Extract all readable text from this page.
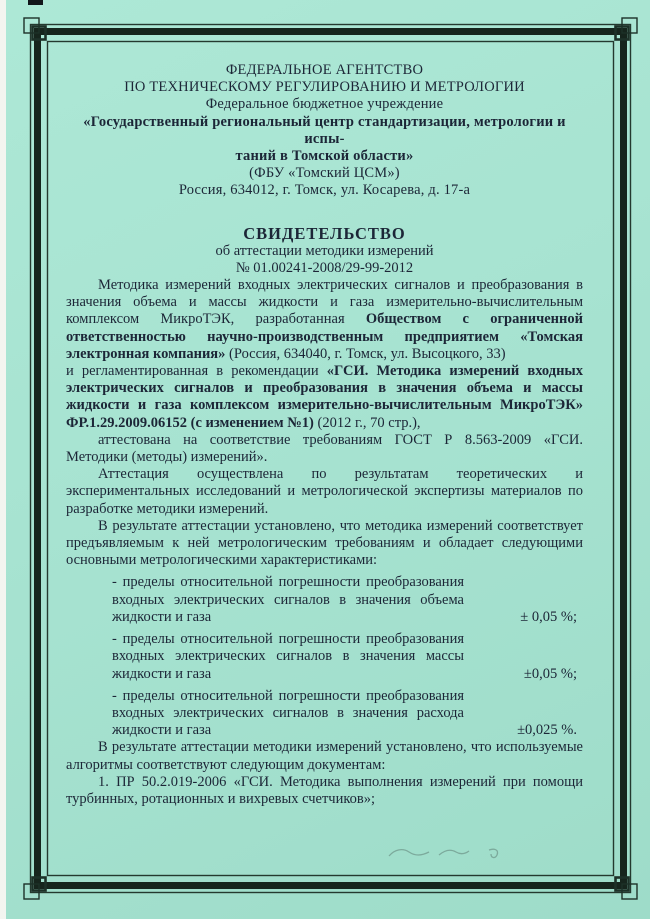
ФЕДЕРАЛЬНОЕ АГЕНТСТВО
ПО ТЕХНИЧЕСКОМУ РЕГУЛИРОВАНИЮ И МЕТРОЛОГИИ
Федеральное бюджетное учреждение
«Государственный региональный центр стандартизации, метрологии и испы-
таний в Томской области»
(ФБУ «Томский ЦСМ»)
Россия, 634012, г. Томск, ул. Косарева, д. 17-а
СВИДЕТЕЛЬСТВО
об аттестации методики измерений
№ 01.00241-2008/29-99-2012

Методика измерений входных электрических сигналов и преобразования в значения объема и массы жидкости и газа измерительно-вычислительным комплексом МикроТЭК, разработанная Обществом с ограниченной ответственностью научно-производственным предприятием «Томская электронная компания» (Россия, 634040, г. Томск, ул. Высоцкого, 33)

и регламентированная в рекомендации «ГСИ. Методика измерений входных электрических сигналов и преобразования в значения объема и массы жидкости и газа комплексом измерительно-вычислительным МикроТЭК» ФР.1.29.2009.06152 (с изменением №1) (2012 г., 70 стр.),

аттестована на соответствие требованиям ГОСТ Р 8.563-2009 «ГСИ. Методики (методы) измерений».

Аттестация осуществлена по результатам теоретических и экспериментальных исследований и метрологической экспертизы материалов по разработке методики измерений.

В результате аттестации установлено, что методика измерений соответствует предъявляемым к ней метрологическим требованиям и обладает следующими основными метрологическими характеристиками:

- пределы относительной погрешности преобразования входных электрических сигналов в значения объема жидкости и газа	± 0,05 %;
- пределы относительной погрешности преобразования входных электрических сигналов в значения массы жидкости и газа	±0,05 %;
- пределы относительной погрешности преобразования входных электрических сигналов в значения расхода жидкости и газа	±0,025 %.

В результате аттестации методики измерений установлено, что используемые алгоритмы соответствуют следующим документам:

1. ПР 50.2.019-2006 «ГСИ. Методика выполнения измерений при помощи турбинных, ротационных и вихревых счетчиков»;
